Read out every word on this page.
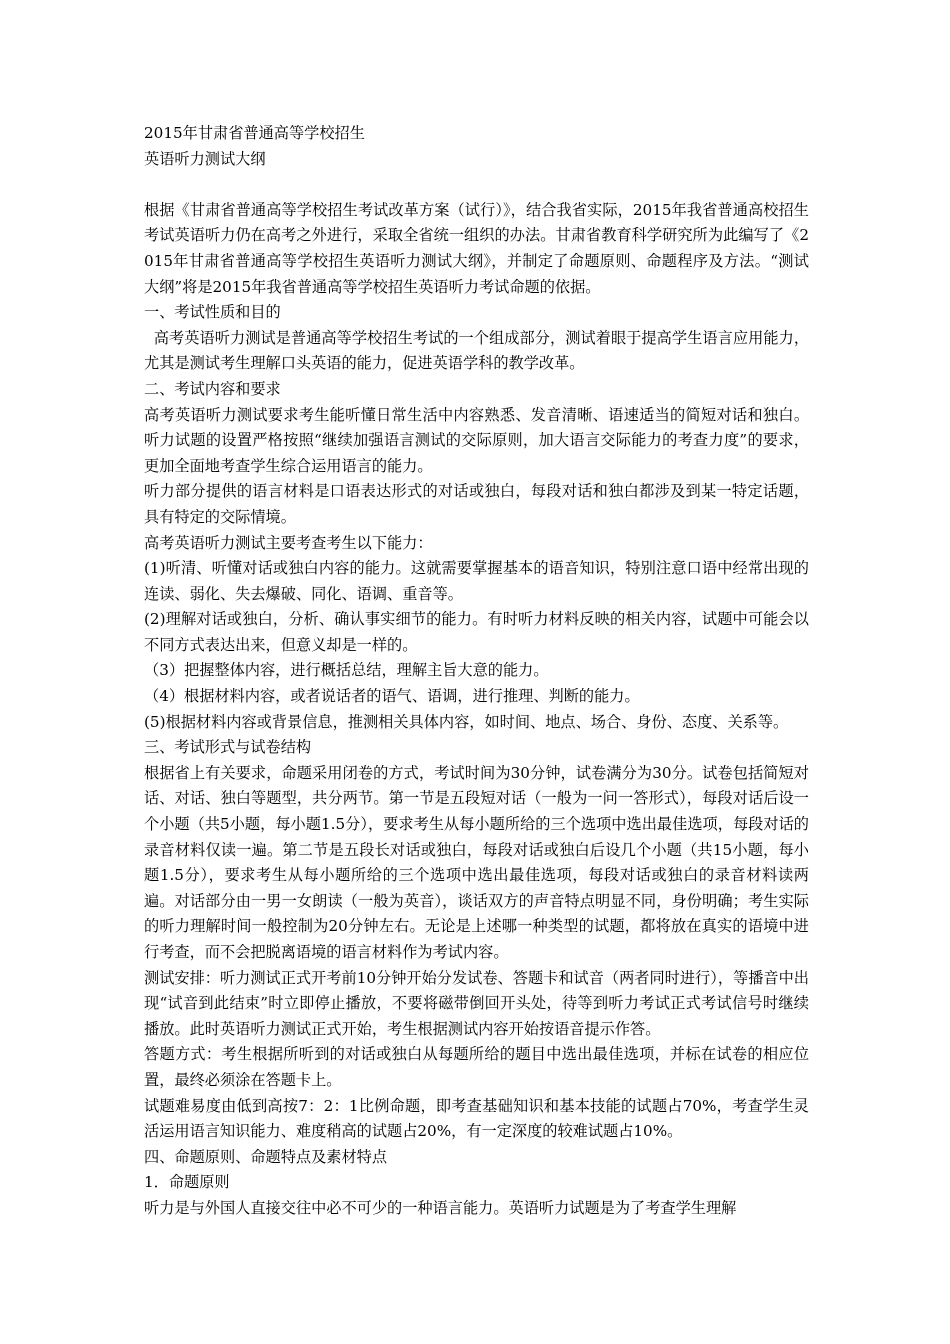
2015年甘肃省普通高等学校招生

英语听力测试大纲

根据《甘肃省普通高等学校招生考试改革方案（试行）》，结合我省实际，2015年我省普通高校招生考试英语听力仍在高考之外进行，采取全省统一组织的办法。甘肃省教育科学研究所为此编写了《2015年甘肃省普通高等学校招生英语听力测试大纲》，并制定了命题原则、命题程序及方法。“测试大纲”将是2015年我省普通高等学校招生英语听力考试命题的依据。

一、考试性质和目的

高考英语听力测试是普通高等学校招生考试的一个组成部分，测试着眼于提高学生语言应用能力，尤其是测试考生理解口头英语的能力，促进英语学科的教学改革。

二、考试内容和要求

高考英语听力测试要求考生能听懂日常生活中内容熟悉、发音清晰、语速适当的简短对话和独白。听力试题的设置严格按照“继续加强语言测试的交际原则，加大语言交际能力的考查力度”的要求，更加全面地考查学生综合运用语言的能力。

听力部分提供的语言材料是口语表达形式的对话或独白，每段对话和独白都涉及到某一特定话题，具有特定的交际情境。

高考英语听力测试主要考查考生以下能力：

(1)听清、听懂对话或独白内容的能力。这就需要掌握基本的语音知识，特别注意口语中经常出现的连读、弱化、失去爆破、同化、语调、重音等。

(2)理解对话或独白，分析、确认事实细节的能力。有时听力材料反映的相关内容，试题中可能会以不同方式表达出来，但意义却是一样的。

（3）把握整体内容，进行概括总结，理解主旨大意的能力。

（4）根据材料内容，或者说话者的语气、语调，进行推理、判断的能力。

(5)根据材料内容或背景信息，推测相关具体内容，如时间、地点、场合、身份、态度、关系等。

三、考试形式与试卷结构

根据省上有关要求，命题采用闭卷的方式，考试时间为30分钟，试卷满分为30分。试卷包括简短对话、对话、独白等题型，共分两节。第一节是五段短对话（一般为一问一答形式），每段对话后设一个小题（共5小题，每小题1.5分），要求考生从每小题所给的三个选项中选出最佳选项，每段对话的录音材料仅读一遍。第二节是五段长对话或独白，每段对话或独白后设几个小题（共15小题，每小题1.5分），要求考生从每小题所给的三个选项中选出最佳选项，每段对话或独白的录音材料读两遍。对话部分由一男一女朗读（一般为英音），谈话双方的声音特点明显不同，身份明确；考生实际的听力理解时间一般控制为20分钟左右。无论是上述哪一种类型的试题，都将放在真实的语境中进行考查，而不会把脱离语境的语言材料作为考试内容。

测试安排：听力测试正式开考前10分钟开始分发试卷、答题卡和试音（两者同时进行），等播音中出现“试音到此结束”时立即停止播放，不要将磁带倒回开头处，待等到听力考试正式考试信号时继续播放。此时英语听力测试正式开始，考生根据测试内容开始按语音提示作答。

答题方式：考生根据所听到的对话或独白从每题所给的题目中选出最佳选项，并标在试卷的相应位置，最终必须涂在答题卡上。

试题难易度由低到高按7：2：1比例命题，即考查基础知识和基本技能的试题占70%，考查学生灵活运用语言知识能力、难度稍高的试题占20%，有一定深度的较难试题占10%。

四、命题原则、命题特点及素材特点

1．命题原则

听力是与外国人直接交往中必不可少的一种语言能力。英语听力试题是为了考查学生理解
